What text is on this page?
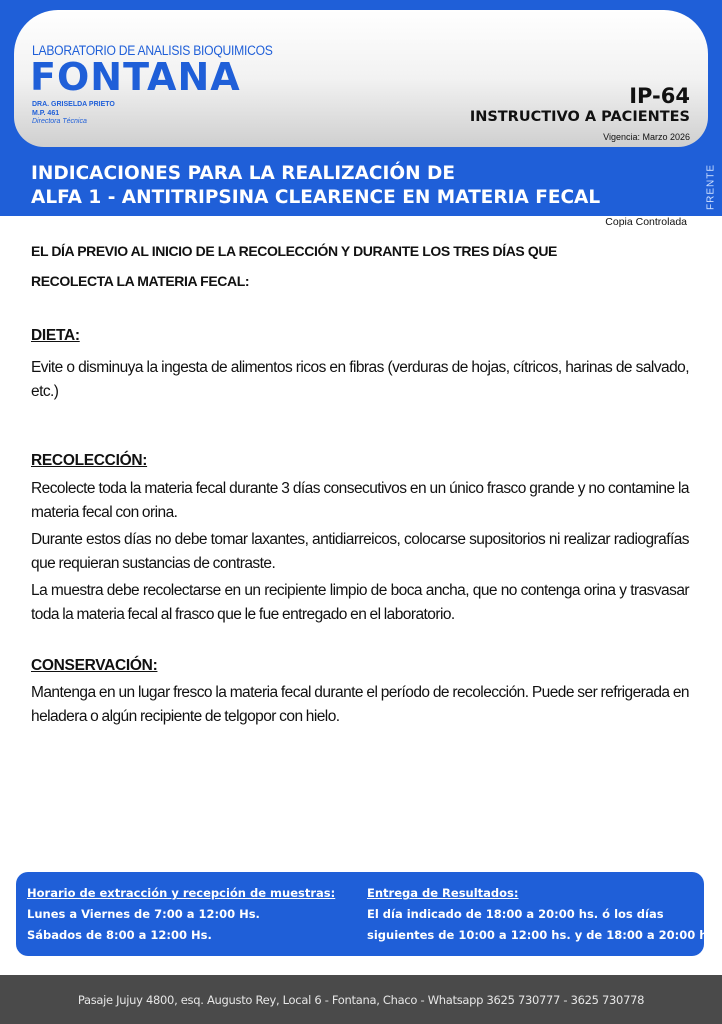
LABORATORIO DE ANALISIS BIOQUIMICOS
FONTANA
DRA. GRISELDA PRIETO
M.P. 461
Directora Técnica
IP-64
INSTRUCTIVO A PACIENTES
Vigencia: Marzo 2026
INDICACIONES PARA LA REALIZACIÓN DE
ALFA 1 - ANTITRIPSINA CLEARENCE EN MATERIA FECAL	FRENTE
Copia Controlada

EL DÍA PREVIO AL INICIO DE LA RECOLECCIÓN Y DURANTE LOS TRES DÍAS QUE

RECOLECTA LA MATERIA FECAL:

DIETA:

Evite o disminuya la ingesta de alimentos ricos en fibras (verduras de hojas, cítricos, harinas de salvado, etc.)

RECOLECCIÓN:

Recolecte toda la materia fecal durante 3 días consecutivos en un único frasco grande y no contamine la materia fecal con orina.

Durante estos días no debe tomar laxantes, antidiarreicos, colocarse supositorios ni realizar radiografías que requieran sustancias de contraste.

La muestra debe recolectarse en un recipiente limpio de boca ancha, que no contenga orina y trasvasar toda la materia fecal al frasco que le fue entregado en el laboratorio.

CONSERVACIÓN:

Mantenga en un lugar fresco la materia fecal durante el período de recolección. Puede ser refrigerada en heladera o algún recipiente de telgopor con hielo.

Horario de extracción y recepción de muestras:
Lunes a Viernes de 7:00 a 12:00 Hs.
Sábados de 8:00 a 12:00 Hs.
Entrega de Resultados:
El día indicado de 18:00 a 20:00 hs. ó los días
siguientes de 10:00 a 12:00 hs. y de 18:00 a 20:00 hs.
Pasaje Jujuy 4800, esq. Augusto Rey, Local 6 - Fontana, Chaco - Whatsapp 3625 730777 - 3625 730778
